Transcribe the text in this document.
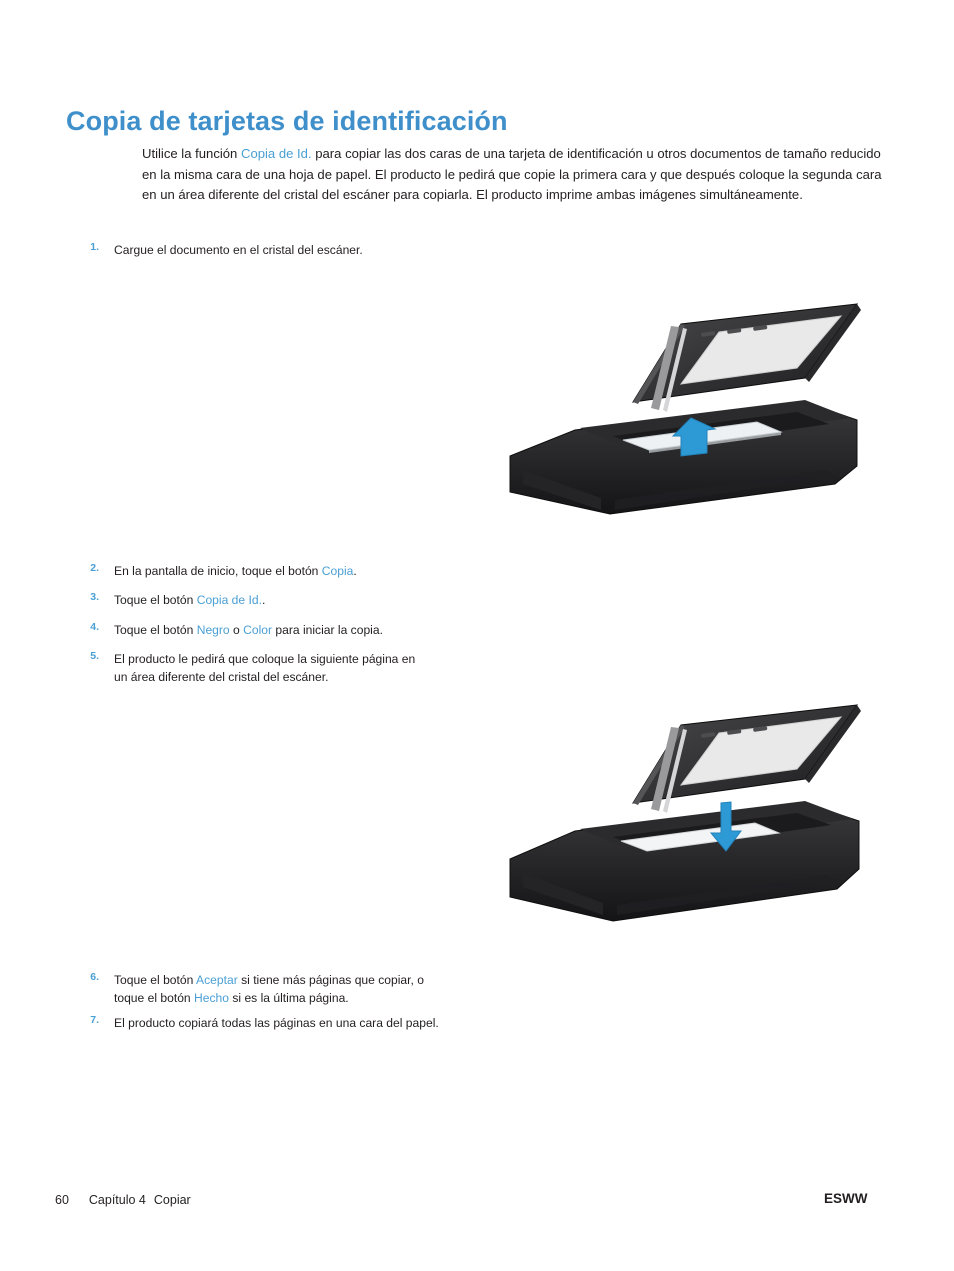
Copia de tarjetas de identificación

Utilice la función Copia de Id. para copiar las dos caras de una tarjeta de identificación u otros documentos de tamaño reducido en la misma cara de una hoja de papel. El producto le pedirá que copie la primera cara y que después coloque la segunda cara en un área diferente del cristal del escáner para copiarla. El producto imprime ambas imágenes simultáneamente.

1. Cargue el documento en el cristal del escáner.
2. En la pantalla de inicio, toque el botón Copia.
3. Toque el botón Copia de Id..
4. Toque el botón Negro o Color para iniciar la copia.
5. El producto le pedirá que coloque la siguiente página en un área diferente del cristal del escáner.
6. Toque el botón Aceptar si tiene más páginas que copiar, o toque el botón Hecho si es la última página.
7. El producto copiará todas las páginas en una cara del papel.
60 Capítulo 4 Copiar	ESWW
